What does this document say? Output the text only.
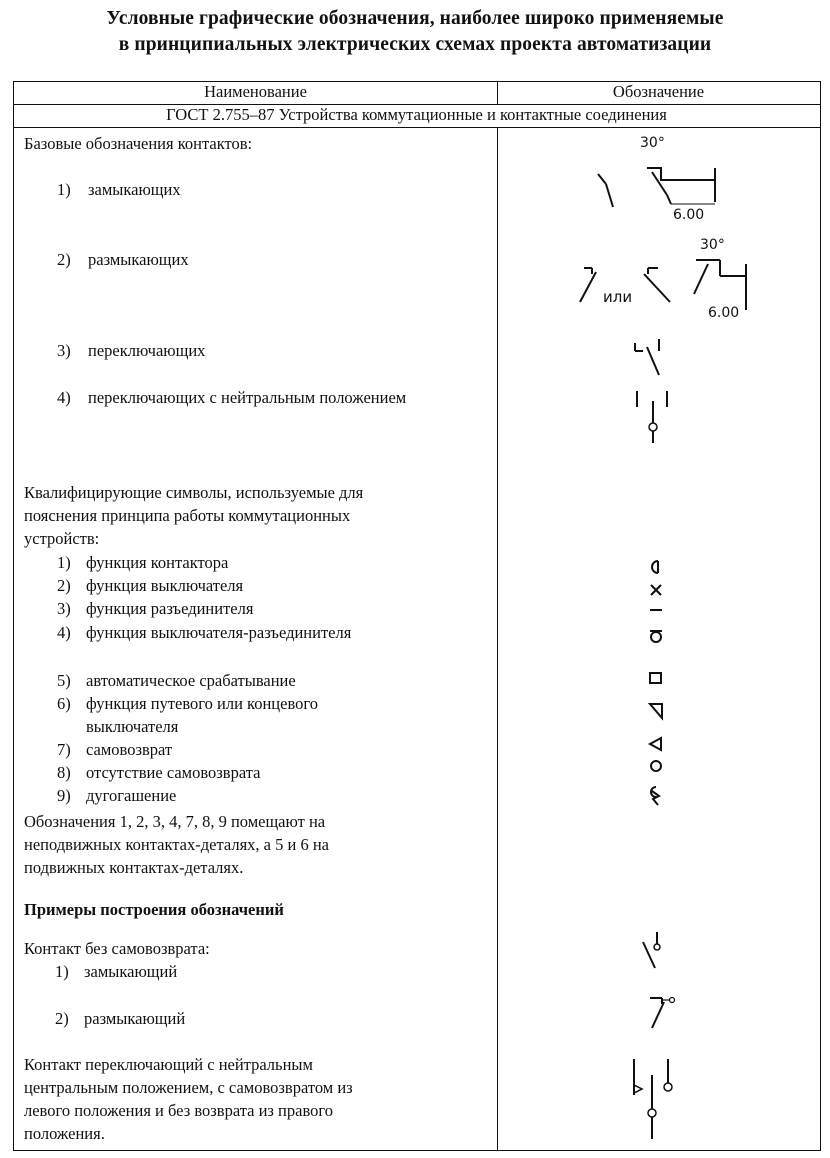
Условные графические обозначения, наиболее широко применяемые
в принципиальных электрических схемах проекта автоматизации
Наименование	Обозначение
ГОСТ 2.755–87 Устройства коммутационные и контактные соединения
Базовые обозначения контактов:
1) замыкающих
2) размыкающих
3) переключающих
4) переключающих с нейтральным положением
30°
6.00
или
30°
6.00
Квалифицирующие символы, используемые для
пояснения принципа работы коммутационных
устройств:
1) функция контактора
2) функция выключателя
3) функция разъединителя
4) функция выключателя-разъединителя
5) автоматическое срабатывание
6) функция путевого или концевого
выключателя
7) самовозврат
8) отсутствие самовозврата
9) дугогашение
Обозначения 1, 2, 3, 4, 7, 8, 9 помещают на
неподвижных контактах-деталях, а 5 и 6 на
подвижных контактах-деталях.
Примеры построения обозначений
Контакт без самовозврата:
1) замыкающий
2) размыкающий
Контакт переключающий с нейтральным
центральным положением, с самовозвратом из
левого положения и без возврата из правого
положения.
